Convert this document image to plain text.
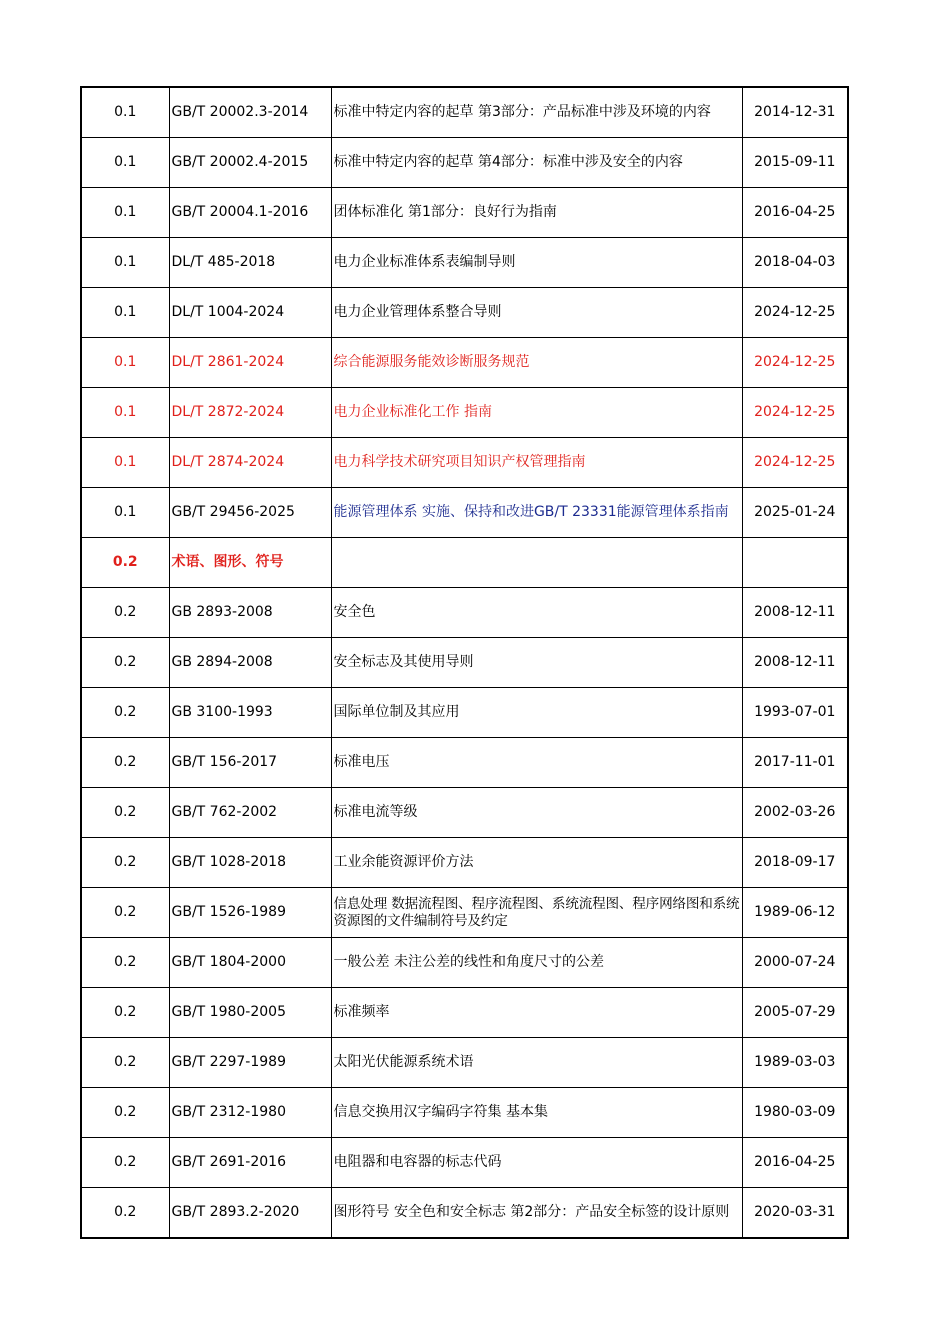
0.1	GB/T 20002.3-2014	标准中特定内容的起草 第3部分：产品标准中涉及环境的内容	2014-12-31
0.1	GB/T 20002.4-2015	标准中特定内容的起草 第4部分：标准中涉及安全的内容	2015-09-11
0.1	GB/T 20004.1-2016	团体标准化 第1部分：良好行为指南	2016-04-25
0.1	DL/T 485-2018	电力企业标准体系表编制导则	2018-04-03
0.1	DL/T 1004-2024	电力企业管理体系整合导则	2024-12-25
0.1	DL/T 2861-2024	综合能源服务能效诊断服务规范	2024-12-25
0.1	DL/T 2872-2024	电力企业标准化工作 指南	2024-12-25
0.1	DL/T 2874-2024	电力科学技术研究项目知识产权管理指南	2024-12-25
0.1	GB/T 29456-2025	能源管理体系 实施、保持和改进GB/T 23331能源管理体系指南	2025-01-24
0.2	术语、图形、符号		
0.2	GB 2893-2008	安全色	2008-12-11
0.2	GB 2894-2008	安全标志及其使用导则	2008-12-11
0.2	GB 3100-1993	国际单位制及其应用	1993-07-01
0.2	GB/T 156-2017	标准电压	2017-11-01
0.2	GB/T 762-2002	标准电流等级	2002-03-26
0.2	GB/T 1028-2018	工业余能资源评价方法	2018-09-17
0.2	GB/T 1526-1989	信息处理 数据流程图、程序流程图、系统流程图、程序网络图和系统资源图的文件编制符号及约定	1989-06-12
0.2	GB/T 1804-2000	一般公差 未注公差的线性和角度尺寸的公差	2000-07-24
0.2	GB/T 1980-2005	标准频率	2005-07-29
0.2	GB/T 2297-1989	太阳光伏能源系统术语	1989-03-03
0.2	GB/T 2312-1980	信息交换用汉字编码字符集 基本集	1980-03-09
0.2	GB/T 2691-2016	电阻器和电容器的标志代码	2016-04-25
0.2	GB/T 2893.2-2020	图形符号 安全色和安全标志 第2部分：产品安全标签的设计原则	2020-03-31
